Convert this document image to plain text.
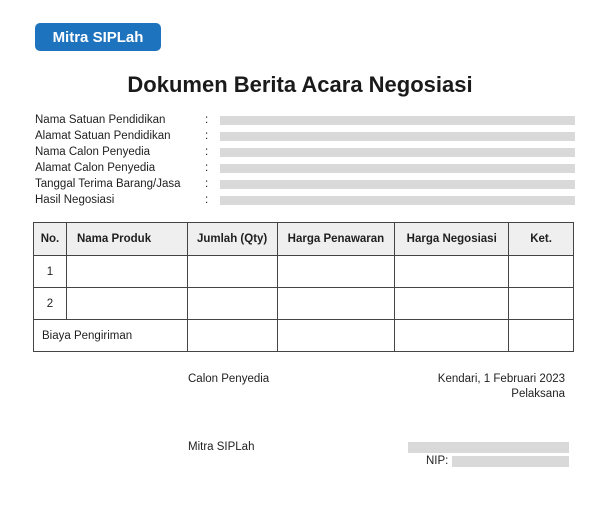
Mitra SIPLah
Dokumen Berita Acara Negosiasi
Nama Satuan Pendidikan	:
Alamat Satuan Pendidikan	:
Nama Calon Penyedia	:
Alamat Calon Penyedia	:
Tanggal Terima Barang/Jasa	:
Hasil Negosiasi	:
No.	Nama Produk	Jumlah (Qty)	Harga Penawaran	Harga Negosiasi	Ket.
1					
2					
Biaya Pengiriman					
Calon Penyedia	Kendari, 1 Februari 2023
Pelaksana
Mitra SIPLah
NIP:
